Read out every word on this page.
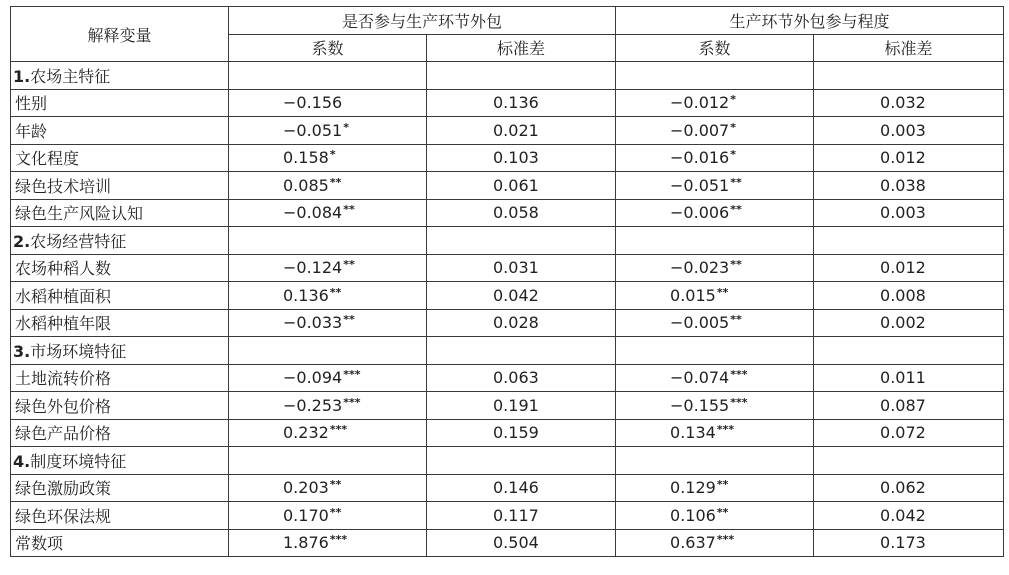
解释变量	是否参与生产环节外包		生产环节外包参与程度	
	系数	标准差	系数	标准差
1.农场主特征				
性别	−0.156	0.136	−0.012*	0.032
年龄	−0.051*	0.021	−0.007*	0.003
文化程度	0.158*	0.103	−0.016*	0.012
绿色技术培训	0.085**	0.061	−0.051**	0.038
绿色生产风险认知	−0.084**	0.058	−0.006**	0.003
2.农场经营特征				
农场种稻人数	−0.124**	0.031	−0.023**	0.012
水稻种植面积	0.136**	0.042	0.015**	0.008
水稻种植年限	−0.033**	0.028	−0.005**	0.002
3.市场环境特征				
土地流转价格	−0.094***	0.063	−0.074***	0.011
绿色外包价格	−0.253***	0.191	−0.155***	0.087
绿色产品价格	0.232***	0.159	0.134***	0.072
4.制度环境特征				
绿色激励政策	0.203**	0.146	0.129**	0.062
绿色环保法规	0.170**	0.117	0.106**	0.042
常数项	1.876***	0.504	0.637***	0.173
